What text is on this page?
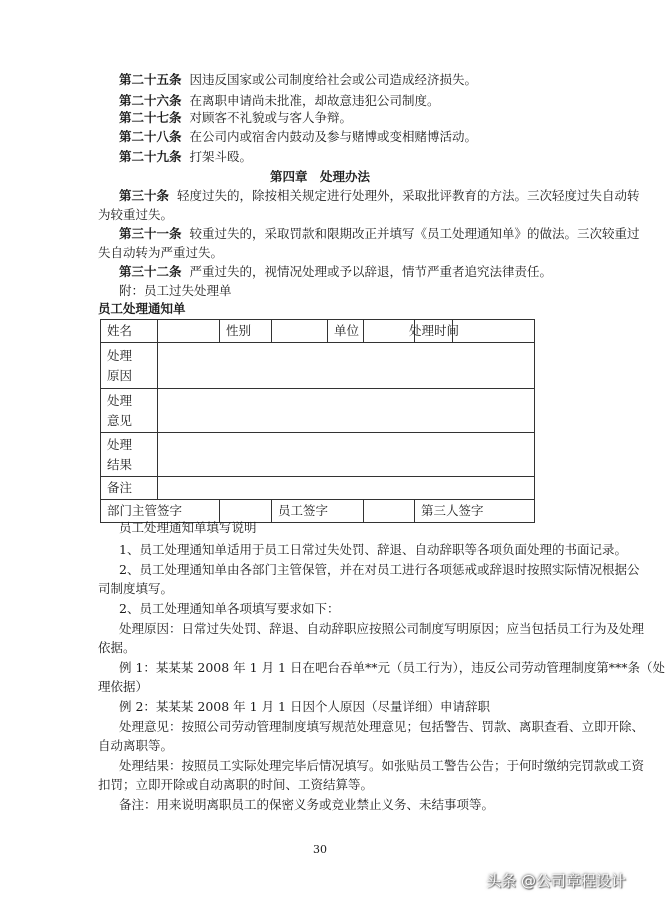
第二十五条 因违反国家或公司制度给社会或公司造成经济损失。
第二十六条 在离职申请尚未批准，却故意违犯公司制度。
第二十七条 对顾客不礼貌或与客人争辩。
第二十八条 在公司内或宿舍内鼓动及参与赌博或变相赌博活动。
第二十九条 打架斗殴。
第四章　处理办法
第三十条 轻度过失的，除按相关规定进行处理外，采取批评教育的方法。三次轻度过失自动转
为较重过失。
第三十一条 较重过失的，采取罚款和限期改正并填写《员工处理通知单》的做法。三次较重过
失自动转为严重过失。
第三十二条 严重过失的，视情况处理或予以辞退，情节严重者追究法律责任。
附：员工过失处理单
员工处理通知单
姓名		性别		单位		处理时间	
处理
原因							
处理
意见							
处理
结果							
备注							
部门主管签字			员工签字			第三人签字	
员工处理通知单填写说明
1、员工处理通知单适用于员工日常过失处罚、辞退、自动辞职等各项负面处理的书面记录。
2、员工处理通知单由各部门主管保管，并在对员工进行各项惩戒或辞退时按照实际情况根据公
司制度填写。
2、员工处理通知单各项填写要求如下：
处理原因：日常过失处罚、辞退、自动辞职应按照公司制度写明原因；应当包括员工行为及处理
依据。
例 1：某某某 2008 年 1 月 1 日在吧台吞单**元（员工行为），违反公司劳动管理制度第***条（处
理依据）
例 2：某某某 2008 年 1 月 1 日因个人原因（尽量详细）申请辞职
处理意见：按照公司劳动管理制度填写规范处理意见；包括警告、罚款、离职查看、立即开除、
自动离职等。
处理结果：按照员工实际处理完毕后情况填写。如张贴员工警告公告；于何时缴纳完罚款或工资
扣罚；立即开除或自动离职的时间、工资结算等。
备注：用来说明离职员工的保密义务或竞业禁止义务、未结事项等。
30
头条 @公司章程设计
